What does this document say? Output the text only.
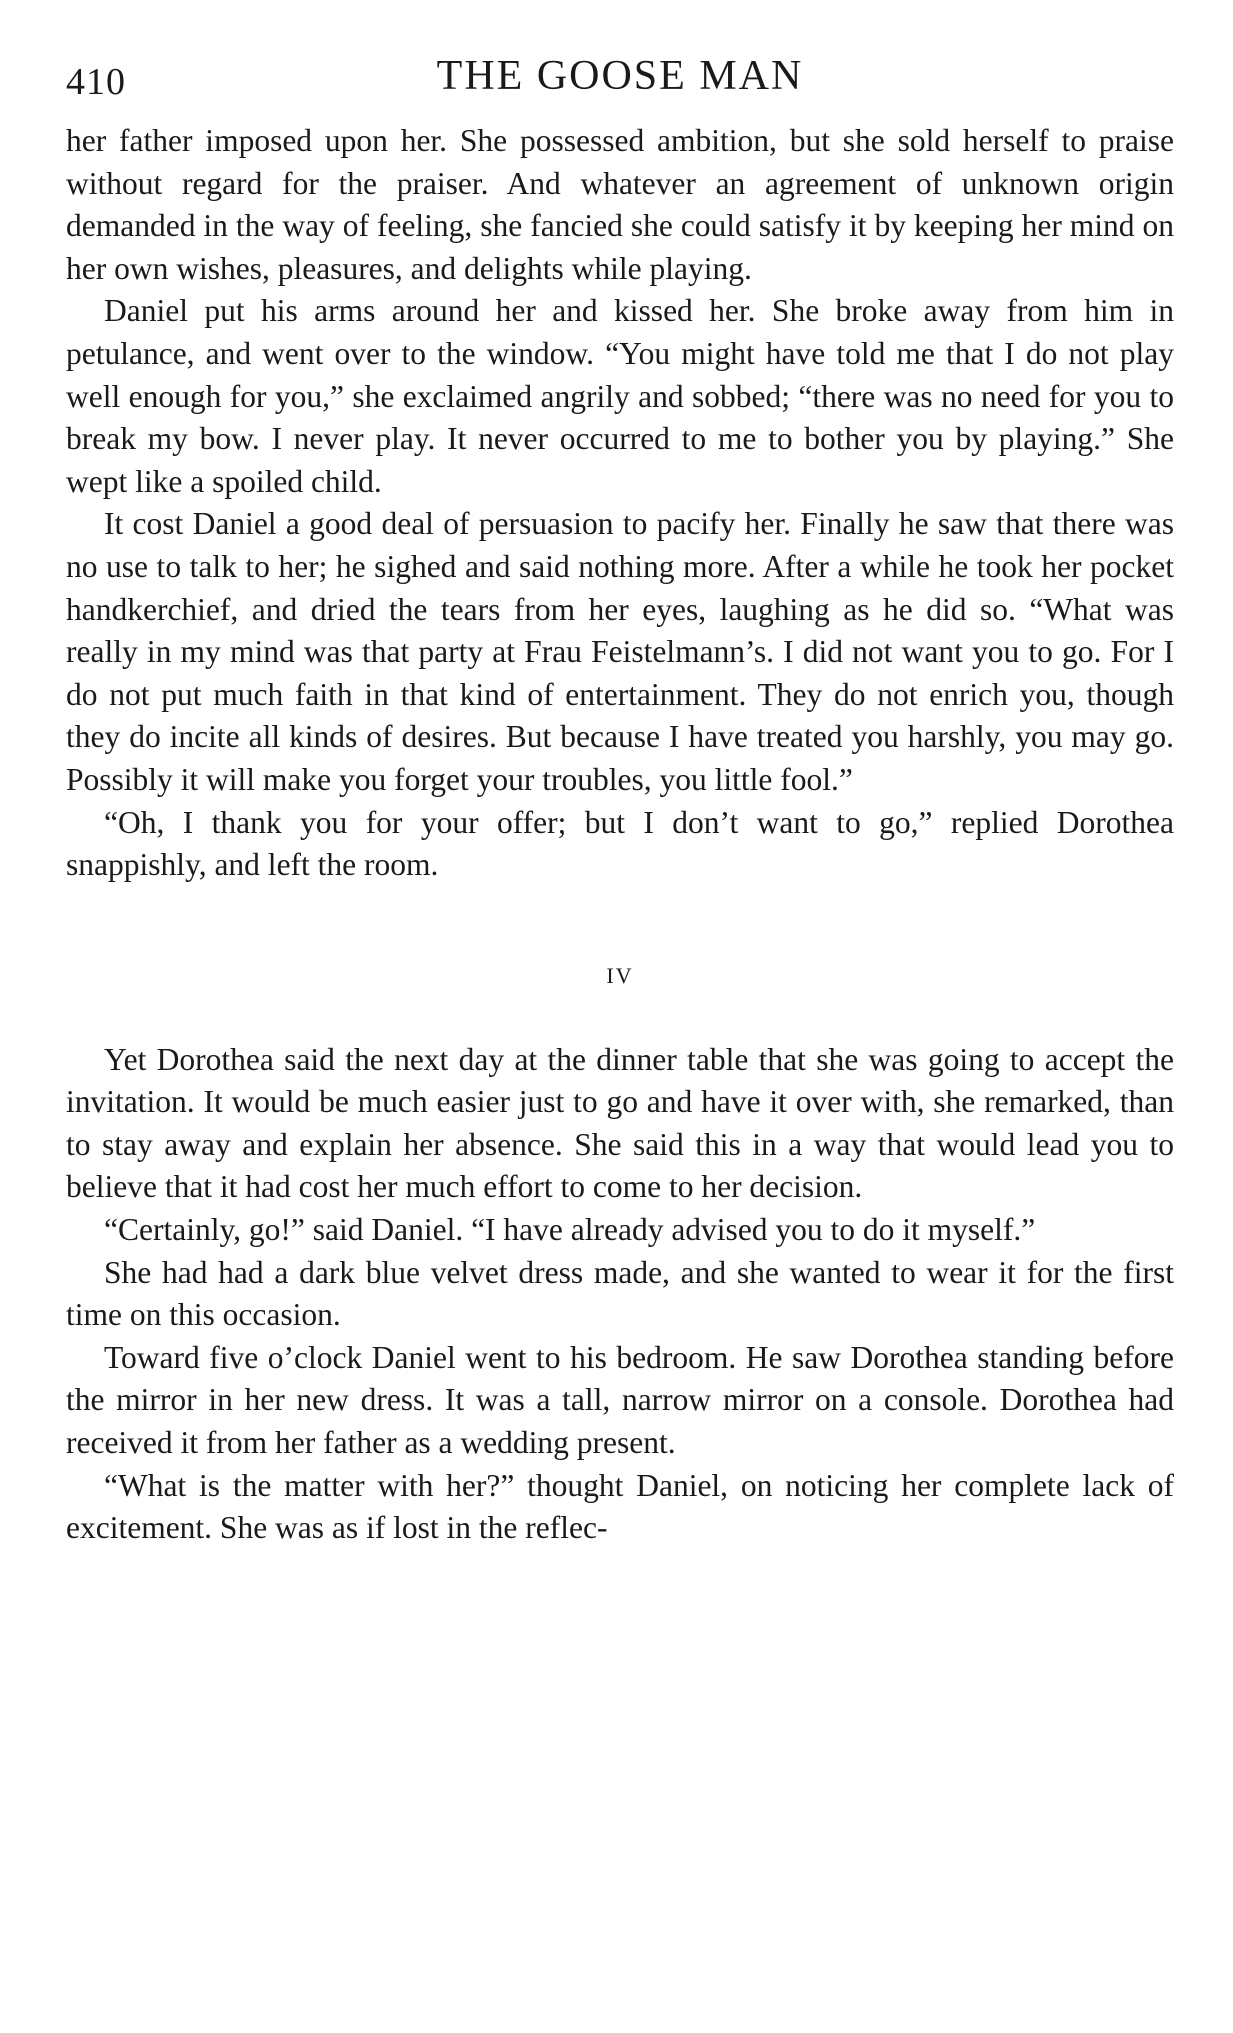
410	THE GOOSE MAN

her father imposed upon her. She possessed ambition, but she sold herself to praise without regard for the praiser. And whatever an agreement of unknown origin demanded in the way of feeling, she fancied she could satisfy it by keeping her mind on her own wishes, pleasures, and delights while playing.

Daniel put his arms around her and kissed her. She broke away from him in petulance, and went over to the window. “You might have told me that I do not play well enough for you,” she exclaimed angrily and sobbed; “there was no need for you to break my bow. I never play. It never occurred to me to bother you by playing.” She wept like a spoiled child.

It cost Daniel a good deal of persuasion to pacify her. Finally he saw that there was no use to talk to her; he sighed and said nothing more. After a while he took her pocket handkerchief, and dried the tears from her eyes, laughing as he did so. “What was really in my mind was that party at Frau Feistelmann’s. I did not want you to go. For I do not put much faith in that kind of entertainment. They do not enrich you, though they do incite all kinds of desires. But because I have treated you harshly, you may go. Possibly it will make you forget your troubles, you little fool.”

“Oh, I thank you for your offer; but I don’t want to go,” replied Dorothea snappishly, and left the room.

IV

Yet Dorothea said the next day at the dinner table that she was going to accept the invitation. It would be much easier just to go and have it over with, she remarked, than to stay away and explain her absence. She said this in a way that would lead you to believe that it had cost her much effort to come to her decision.

“Certainly, go!” said Daniel. “I have already advised you to do it myself.”

She had had a dark blue velvet dress made, and she wanted to wear it for the first time on this occasion.

Toward five o’clock Daniel went to his bedroom. He saw Dorothea standing before the mirror in her new dress. It was a tall, narrow mirror on a console. Dorothea had received it from her father as a wedding present.

“What is the matter with her?” thought Daniel, on noticing her complete lack of excitement. She was as if lost in the reflec-
